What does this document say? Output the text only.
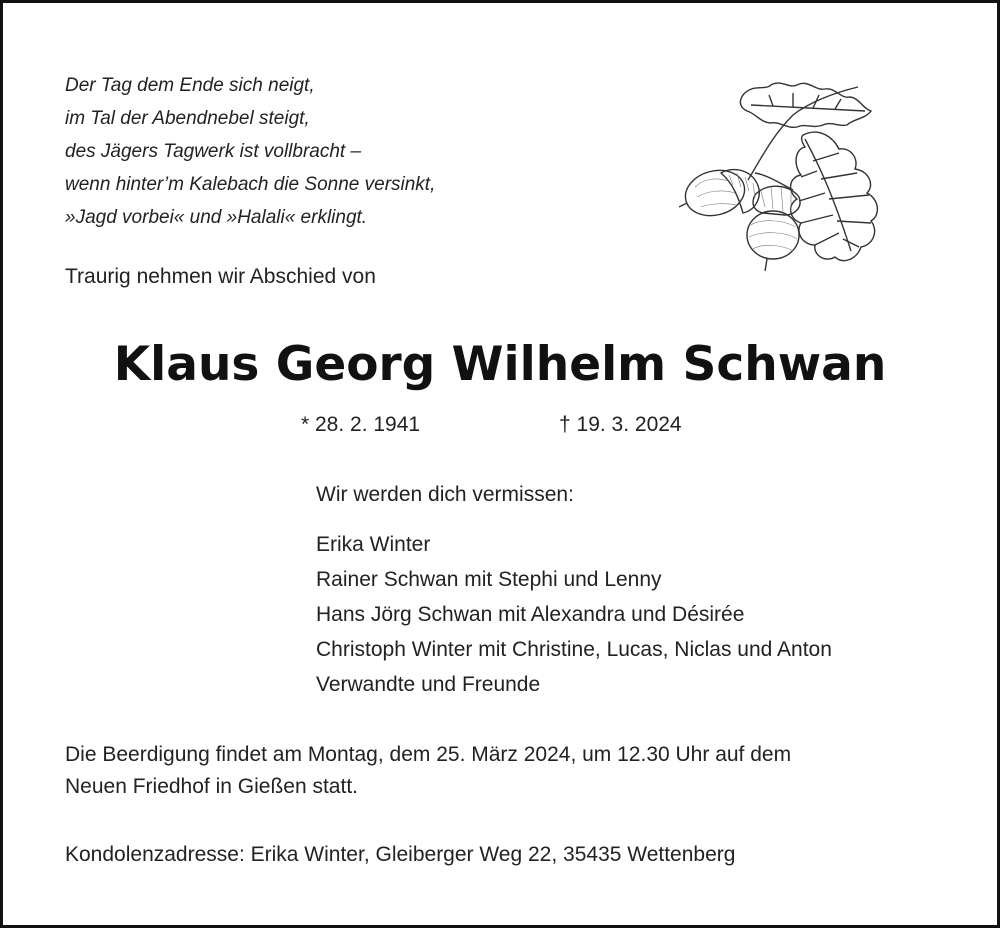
Der Tag dem Ende sich neigt,
im Tal der Abendnebel steigt,
des Jägers Tagwerk ist vollbracht –
wenn hinter’m Kalebach die Sonne versinkt,
»Jagd vorbei« und »Halali« erklingt.
Traurig nehmen wir Abschied von
Klaus Georg Wilhelm Schwan
* 28. 2. 1941	† 19. 3. 2024
Wir werden dich vermissen:
Erika Winter
Rainer Schwan mit Stephi und Lenny
Hans Jörg Schwan mit Alexandra und Désirée
Christoph Winter mit Christine, Lucas, Niclas und Anton
Verwandte und Freunde
Die Beerdigung findet am Montag, dem 25. März 2024, um 12.30 Uhr auf dem
Neuen Friedhof in Gießen statt.
Kondolenzadresse: Erika Winter, Gleiberger Weg 22, 35435 Wettenberg
